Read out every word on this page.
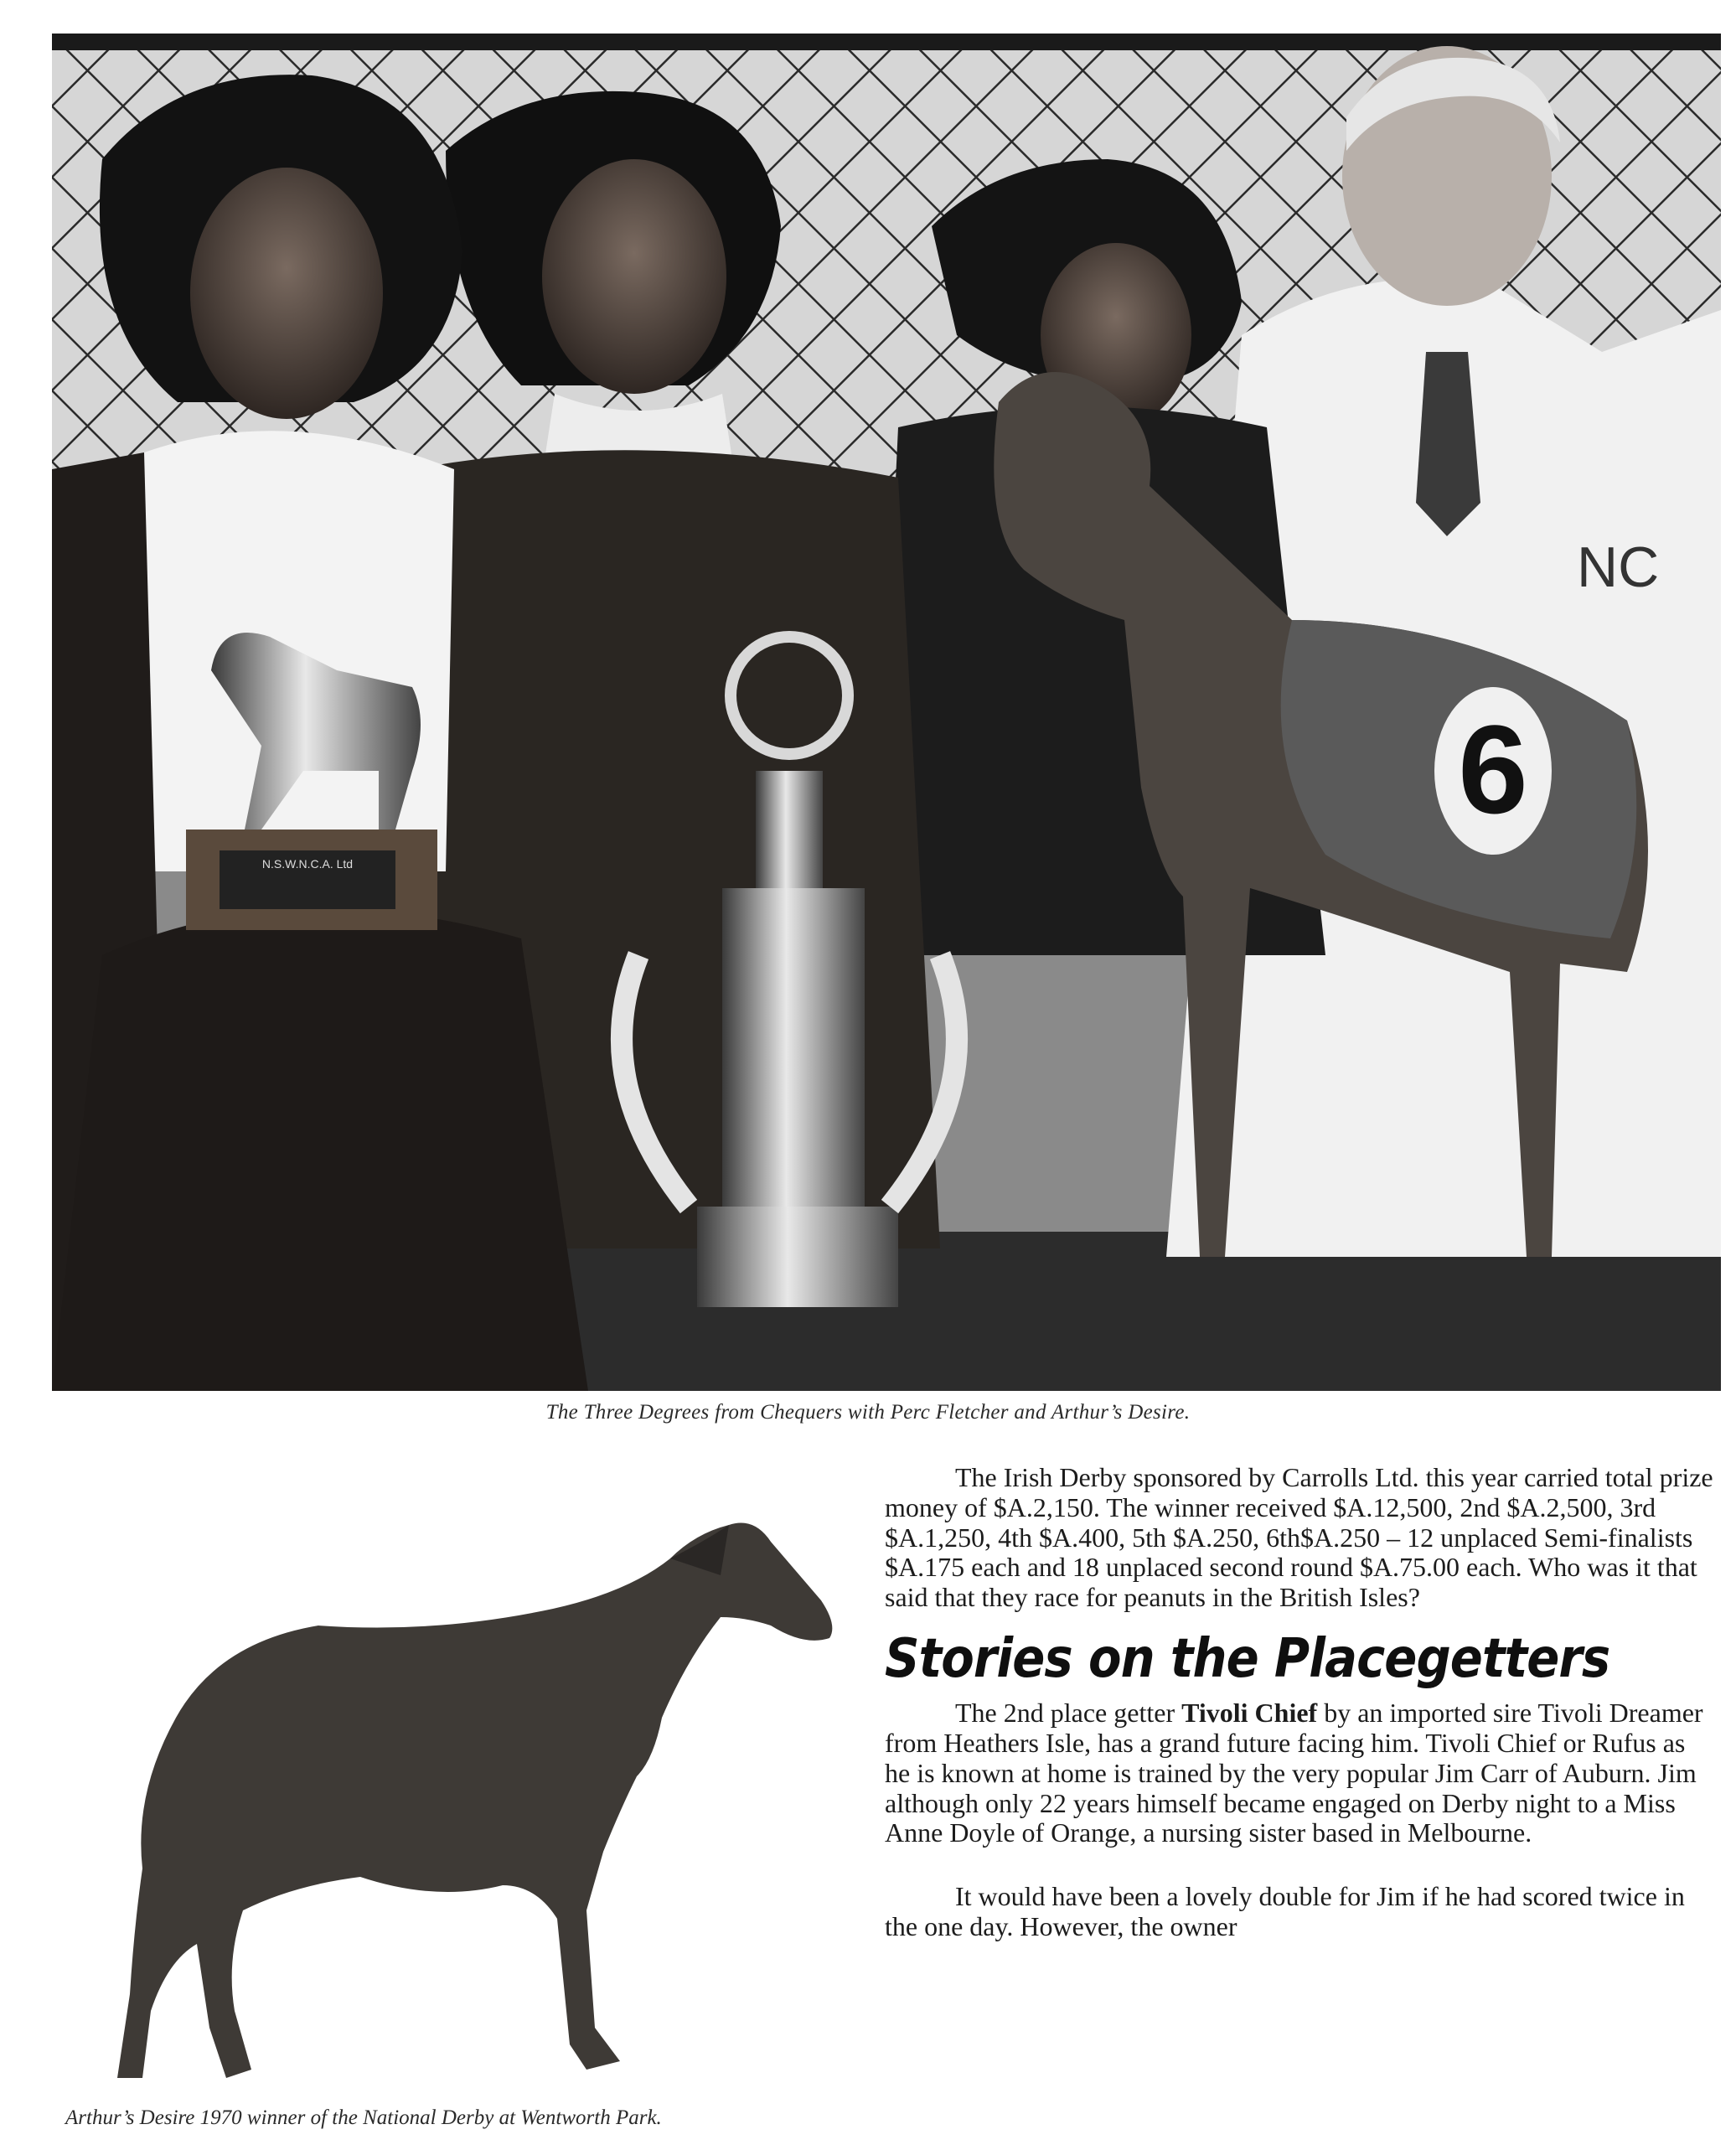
NC
N.S.W.N.C.A. Ltd
6
The Three Degrees from Chequers with Perc Fletcher and Arthur’s Desire.
Arthur’s Desire 1970 winner of the National Derby at Wentworth Park.

The Irish Derby sponsored by Carrolls Ltd. this year carried total prize money of $A.2,150. The winner received $A.12,500, 2nd $A.2,500, 3rd $A.1,250, 4th $A.400, 5th $A.250, 6th$A.250 – 12 unplaced Semi-finalists $A.175 each and 18 unplaced second round $A.75.00 each. Who was it that said that they race for peanuts in the British Isles?

Stories on the Placegetters

The 2nd place getter Tivoli Chief by an imported sire Tivoli Dreamer from Heathers Isle, has a grand future facing him. Tivoli Chief or Rufus as he is known at home is trained by the very popular Jim Carr of Auburn. Jim although only 22 years himself became engaged on Derby night to a Miss Anne Doyle of Orange, a nursing sister based in Melbourne.

It would have been a lovely double for Jim if he had scored twice in the one day. However, the owner
